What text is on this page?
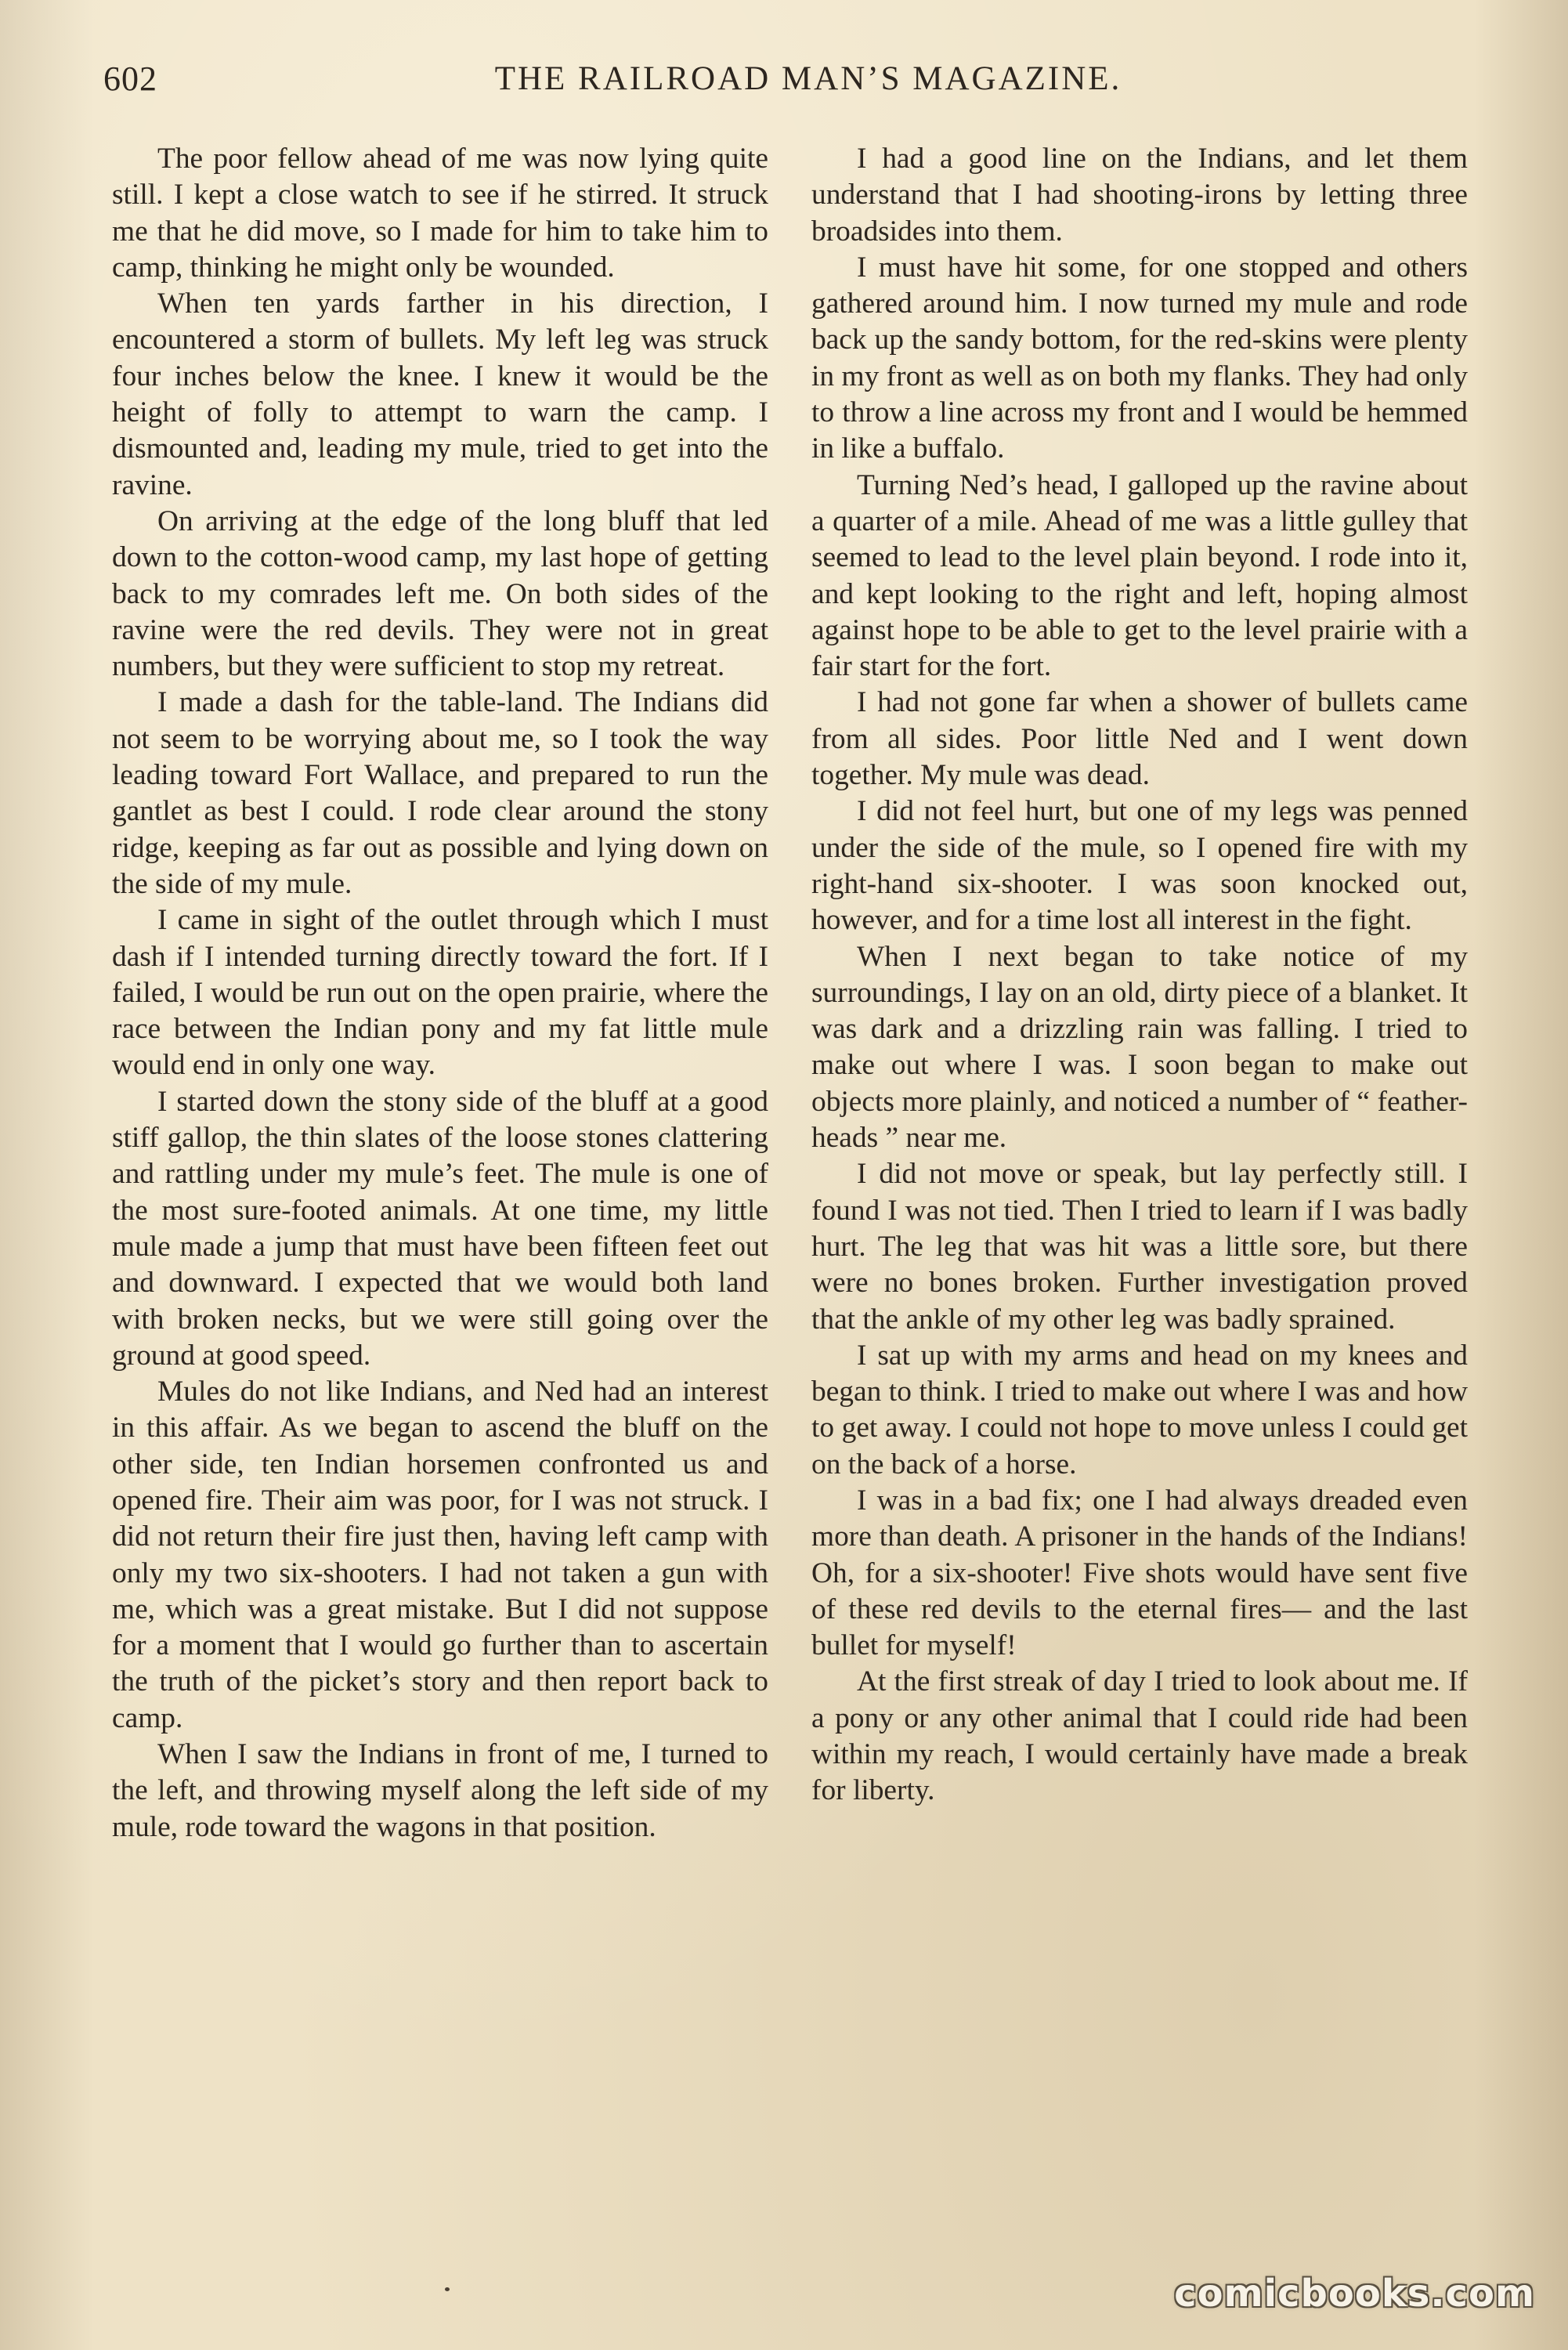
602	THE RAILROAD MAN’S MAGAZINE.

The poor fellow ahead of me was now lying quite still. I kept a close watch to see if he stirred. It struck me that he did move, so I made for him to take him to camp, thinking he might only be wounded.

When ten yards farther in his direction, I encountered a storm of bullets. My left leg was struck four inches below the knee. I knew it would be the height of folly to attempt to warn the camp. I dismounted and, leading my mule, tried to get into the ravine.

On arriving at the edge of the long bluff that led down to the cotton-wood camp, my last hope of getting back to my comrades left me. On both sides of the ravine were the red devils. They were not in great numbers, but they were sufficient to stop my retreat.

I made a dash for the table-land. The Indians did not seem to be worrying about me, so I took the way leading toward Fort Wallace, and prepared to run the gantlet as best I could. I rode clear around the stony ridge, keeping as far out as possible and lying down on the side of my mule.

I came in sight of the outlet through which I must dash if I intended turning directly toward the fort. If I failed, I would be run out on the open prairie, where the race between the Indian pony and my fat little mule would end in only one way.

I started down the stony side of the bluff at a good stiff gallop, the thin slates of the loose stones clattering and rattling under my mule’s feet. The mule is one of the most sure-footed animals. At one time, my little mule made a jump that must have been fifteen feet out and downward. I expected that we would both land with broken necks, but we were still going over the ground at good speed.

Mules do not like Indians, and Ned had an interest in this affair. As we began to ascend the bluff on the other side, ten Indian horsemen confronted us and opened fire. Their aim was poor, for I was not struck. I did not return their fire just then, having left camp with only my two six-shooters. I had not taken a gun with me, which was a great mistake. But I did not suppose for a moment that I would go further than to ascertain the truth of the picket’s story and then report back to camp.

When I saw the Indians in front of me, I turned to the left, and throwing myself along the left side of my mule, rode toward the wagons in that position.

I had a good line on the Indians, and let them understand that I had shooting-irons by letting three broadsides into them.

I must have hit some, for one stopped and others gathered around him. I now turned my mule and rode back up the sandy bottom, for the red-skins were plenty in my front as well as on both my flanks. They had only to throw a line across my front and I would be hemmed in like a buffalo.

Turning Ned’s head, I galloped up the ravine about a quarter of a mile. Ahead of me was a little gulley that seemed to lead to the level plain beyond. I rode into it, and kept looking to the right and left, hoping almost against hope to be able to get to the level prairie with a fair start for the fort.

I had not gone far when a shower of bullets came from all sides. Poor little Ned and I went down together. My mule was dead.

I did not feel hurt, but one of my legs was penned under the side of the mule, so I opened fire with my right-hand six-shooter. I was soon knocked out, however, and for a time lost all interest in the fight.

When I next began to take notice of my surroundings, I lay on an old, dirty piece of a blanket. It was dark and a drizzling rain was falling. I tried to make out where I was. I soon began to make out objects more plainly, and noticed a number of “ feather-heads ” near me.

I did not move or speak, but lay perfectly still. I found I was not tied. Then I tried to learn if I was badly hurt. The leg that was hit was a little sore, but there were no bones broken. Further investigation proved that the ankle of my other leg was badly sprained.

I sat up with my arms and head on my knees and began to think. I tried to make out where I was and how to get away. I could not hope to move unless I could get on the back of a horse.

I was in a bad fix; one I had always dreaded even more than death. A prisoner in the hands of the Indians! Oh, for a six-shooter! Five shots would have sent five of these red devils to the eternal fires— and the last bullet for myself!

At the first streak of day I tried to look about me. If a pony or any other animal that I could ride had been within my reach, I would certainly have made a break for liberty.

comicbooks.com
